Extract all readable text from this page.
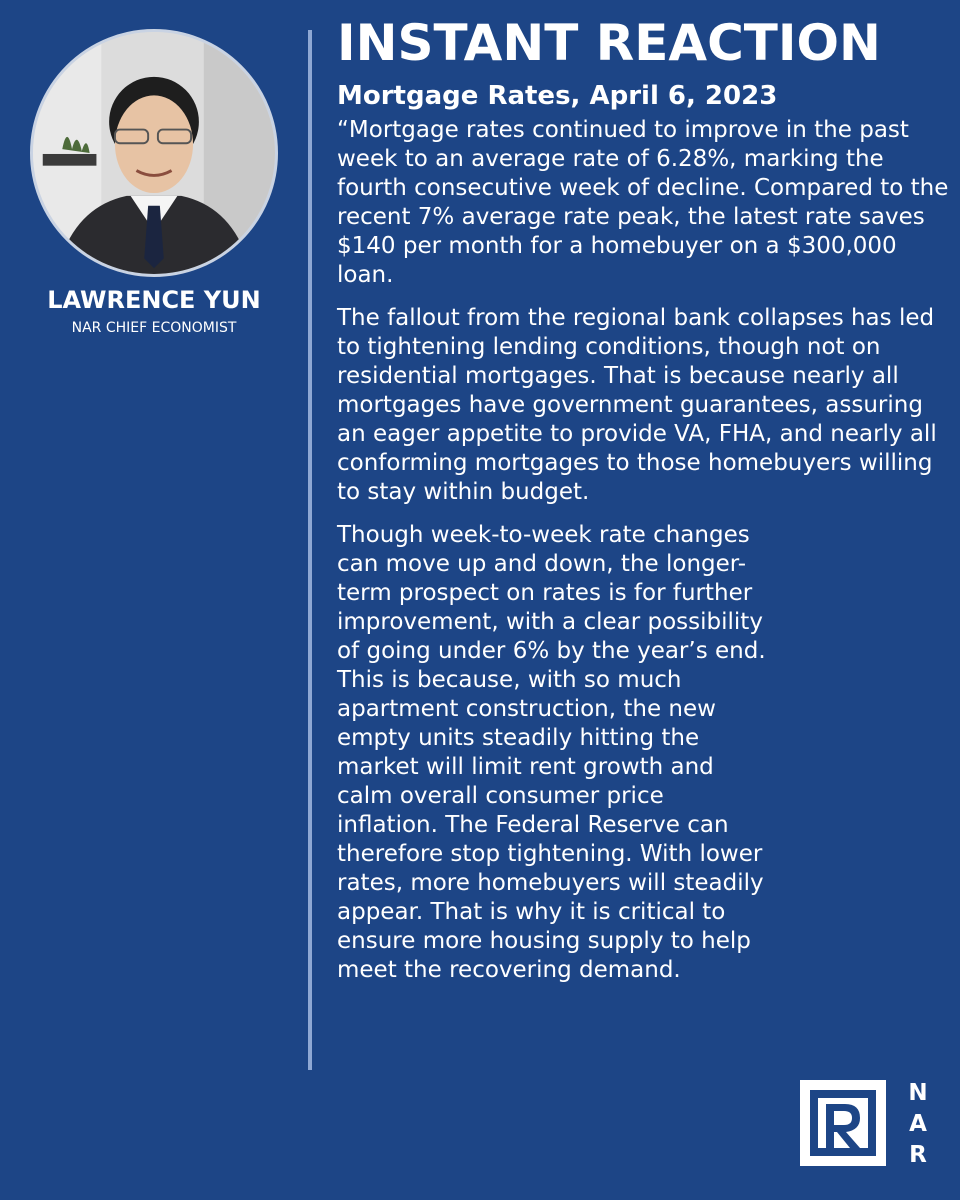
LAWRENCE YUN
NAR CHIEF ECONOMIST
INSTANT REACTION
Mortgage Rates, April 6, 2023

“Mortgage rates continued to improve in the past week to an average rate of 6.28%, marking the fourth consecutive week of decline. Compared to the recent 7% average rate peak, the latest rate saves $140 per month for a homebuyer on a $300,000 loan.

The fallout from the regional bank collapses has led to tightening lending conditions, though not on residential mortgages. That is because nearly all mortgages have government guarantees, assuring an eager appetite to provide VA, FHA, and nearly all conforming mortgages to those homebuyers willing to stay within budget.

Though week-to-week rate changes can move up and down, the longer-term prospect on rates is for further improvement, with a clear possibility of going under 6% by the year’s end. This is because, with so much apartment construction, the new empty units steadily hitting the market will limit rent growth and calm overall consumer price inflation. The Federal Reserve can therefore stop tightening. With lower rates, more homebuyers will steadily appear. That is why it is critical to ensure more housing supply to help meet the recovering demand.

N
A
R
